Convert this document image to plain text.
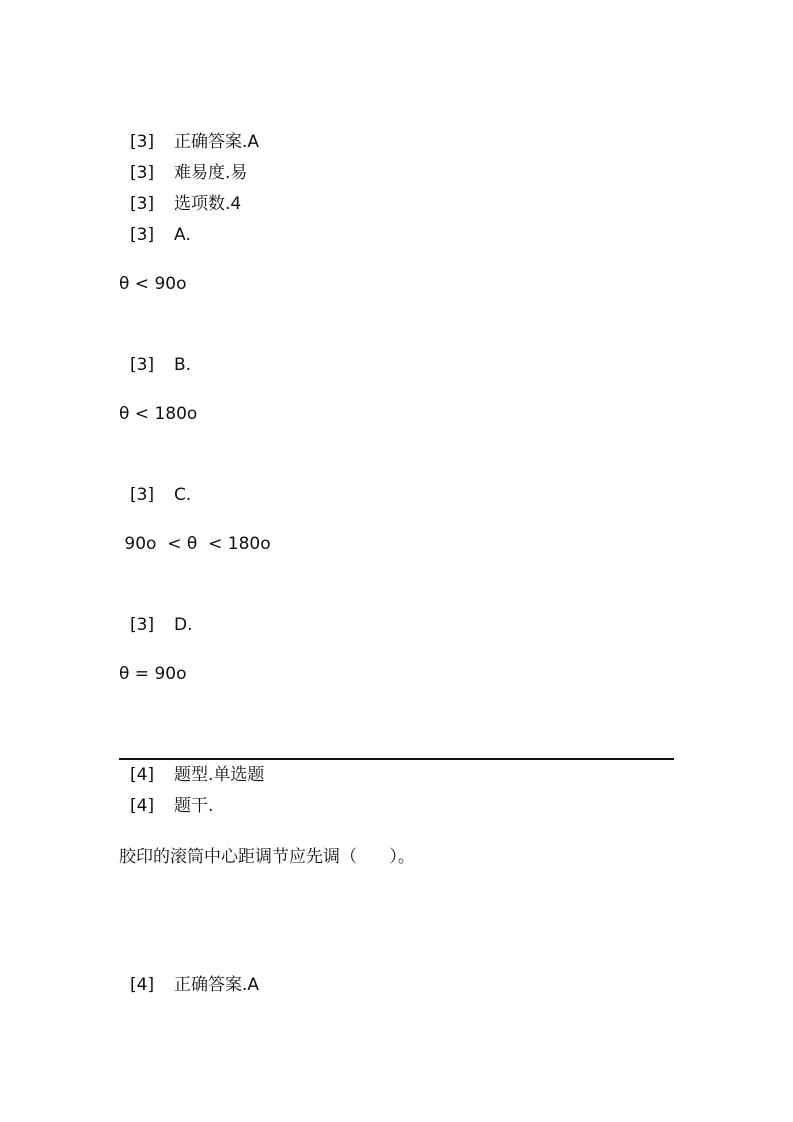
[3] 正确答案.A
[3] 难易度.易
[3] 选项数.4
[3] A.
θ < 90o
[3] B.
θ < 180o
[3] C.
90o  < θ  < 180o
[3] D.
θ = 90o
[4] 题型.单选题
[4] 题干.
胶印的滚筒中心距调节应先调（      ）。
[4] 正确答案.A
